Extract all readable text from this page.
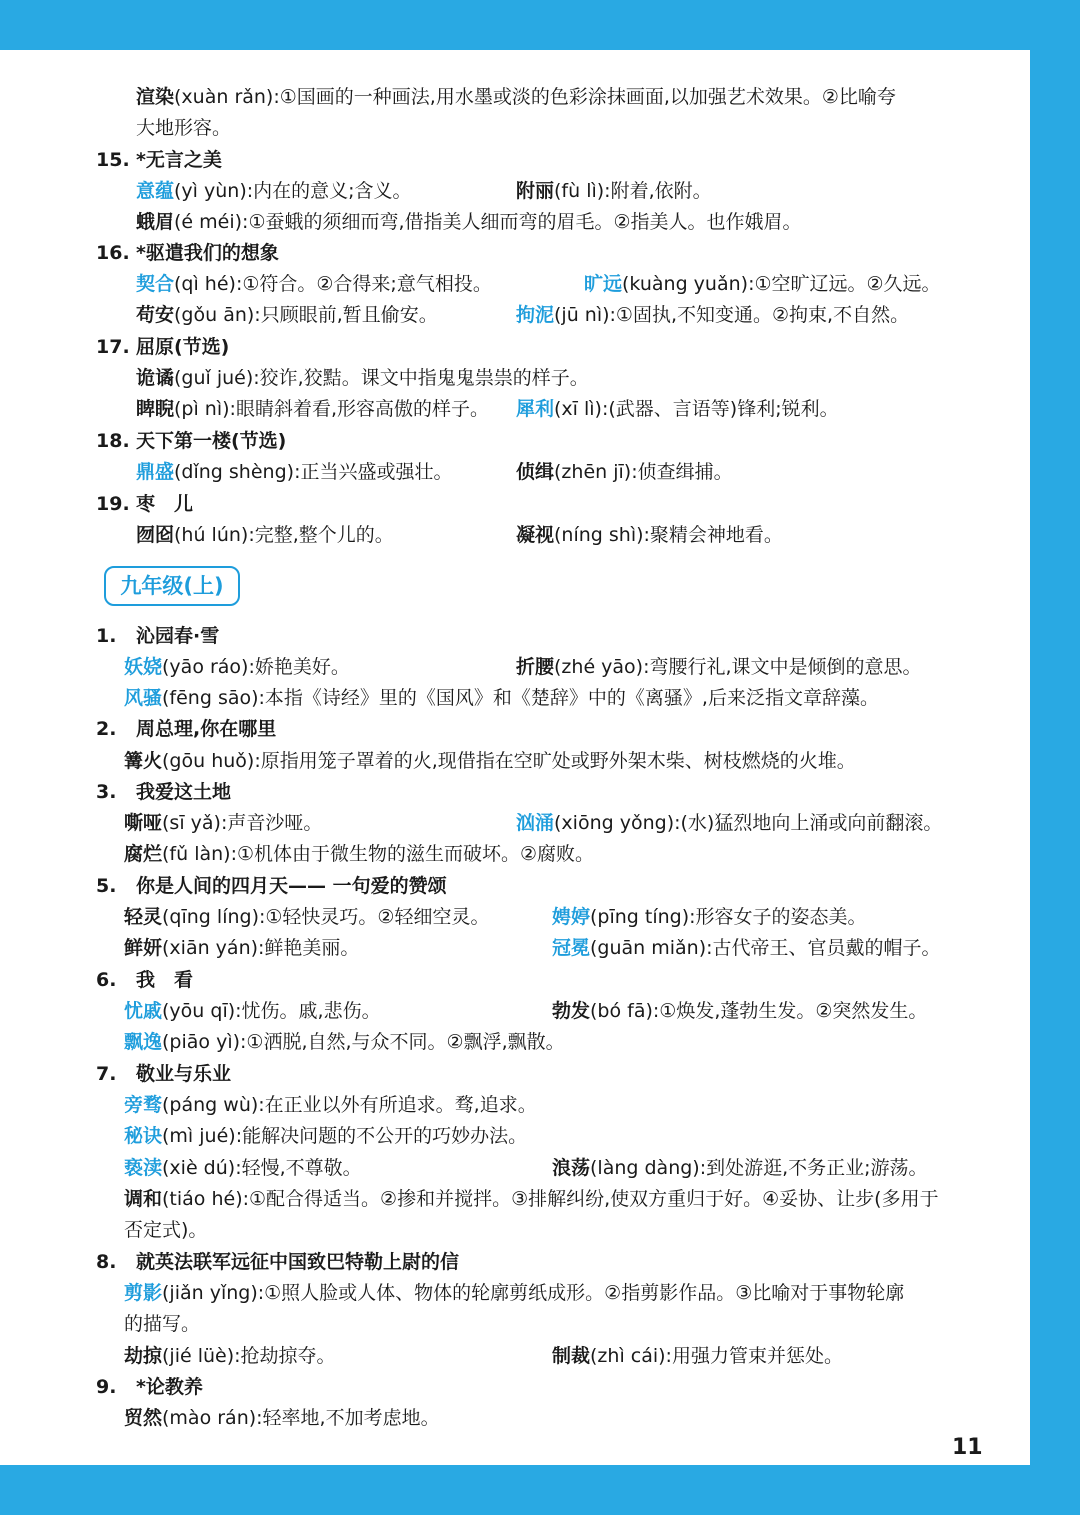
渲染(xuàn rǎn):①国画的一种画法,用水墨或淡的色彩涂抹画面,以加强艺术效果。②比喻夸
大地形容。
15. *无言之美
意蕴(yì yùn):内在的意义;含义。	附丽(fù lì):附着,依附。
蛾眉(é méi):①蚕蛾的须细而弯,借指美人细而弯的眉毛。②指美人。也作娥眉。
16. *驱遣我们的想象
契合(qì hé):①符合。②合得来;意气相投。	旷远(kuàng yuǎn):①空旷辽远。②久远。
苟安(gǒu ān):只顾眼前,暂且偷安。	拘泥(jū nì):①固执,不知变通。②拘束,不自然。
17. 屈原(节选)
诡谲(guǐ jué):狡诈,狡黠。课文中指鬼鬼祟祟的样子。
睥睨(pì nì):眼睛斜着看,形容高傲的样子。 犀利(xī lì):(武器、言语等)锋利;锐利。
18. 天下第一楼(节选)
鼎盛(dǐng shèng):正当兴盛或强壮。	侦缉(zhēn jī):侦查缉捕。
19. 枣　儿
囫囵(hú lún):完整,整个儿的。	凝视(níng shì):聚精会神地看。
1. 沁园春·雪
妖娆(yāo ráo):娇艳美好。	折腰(zhé yāo):弯腰行礼,课文中是倾倒的意思。
风骚(fēng sāo):本指《诗经》里的《国风》和《楚辞》中的《离骚》,后来泛指文章辞藻。
2. 周总理,你在哪里
篝火(gōu huǒ):原指用笼子罩着的火,现借指在空旷处或野外架木柴、树枝燃烧的火堆。
3. 我爱这土地
嘶哑(sī yǎ):声音沙哑。	汹涌(xiōng yǒng):(水)猛烈地向上涌或向前翻滚。
腐烂(fǔ làn):①机体由于微生物的滋生而破坏。②腐败。
5. 你是人间的四月天—— 一句爱的赞颂
轻灵(qīng líng):①轻快灵巧。②轻细空灵。	娉婷(pīng tíng):形容女子的姿态美。
鲜妍(xiān yán):鲜艳美丽。	冠冕(guān miǎn):古代帝王、官员戴的帽子。
6. 我　看
忧戚(yōu qī):忧伤。戚,悲伤。	勃发(bó fā):①焕发,蓬勃生发。②突然发生。
飘逸(piāo yì):①洒脱,自然,与众不同。②飘浮,飘散。
7. 敬业与乐业
旁骛(páng wù):在正业以外有所追求。骛,追求。
秘诀(mì jué):能解决问题的不公开的巧妙办法。
亵渎(xiè dú):轻慢,不尊敬。	浪荡(làng dàng):到处游逛,不务正业;游荡。
调和(tiáo hé):①配合得适当。②掺和并搅拌。③排解纠纷,使双方重归于好。④妥协、让步(多用于
否定式)。
8. 就英法联军远征中国致巴特勒上尉的信
剪影(jiǎn yǐng):①照人脸或人体、物体的轮廓剪纸成形。②指剪影作品。③比喻对于事物轮廓
的描写。
劫掠(jié lüè):抢劫掠夺。	制裁(zhì cái):用强力管束并惩处。
9. *论教养
贸然(mào rán):轻率地,不加考虑地。
九年级(上)
11
